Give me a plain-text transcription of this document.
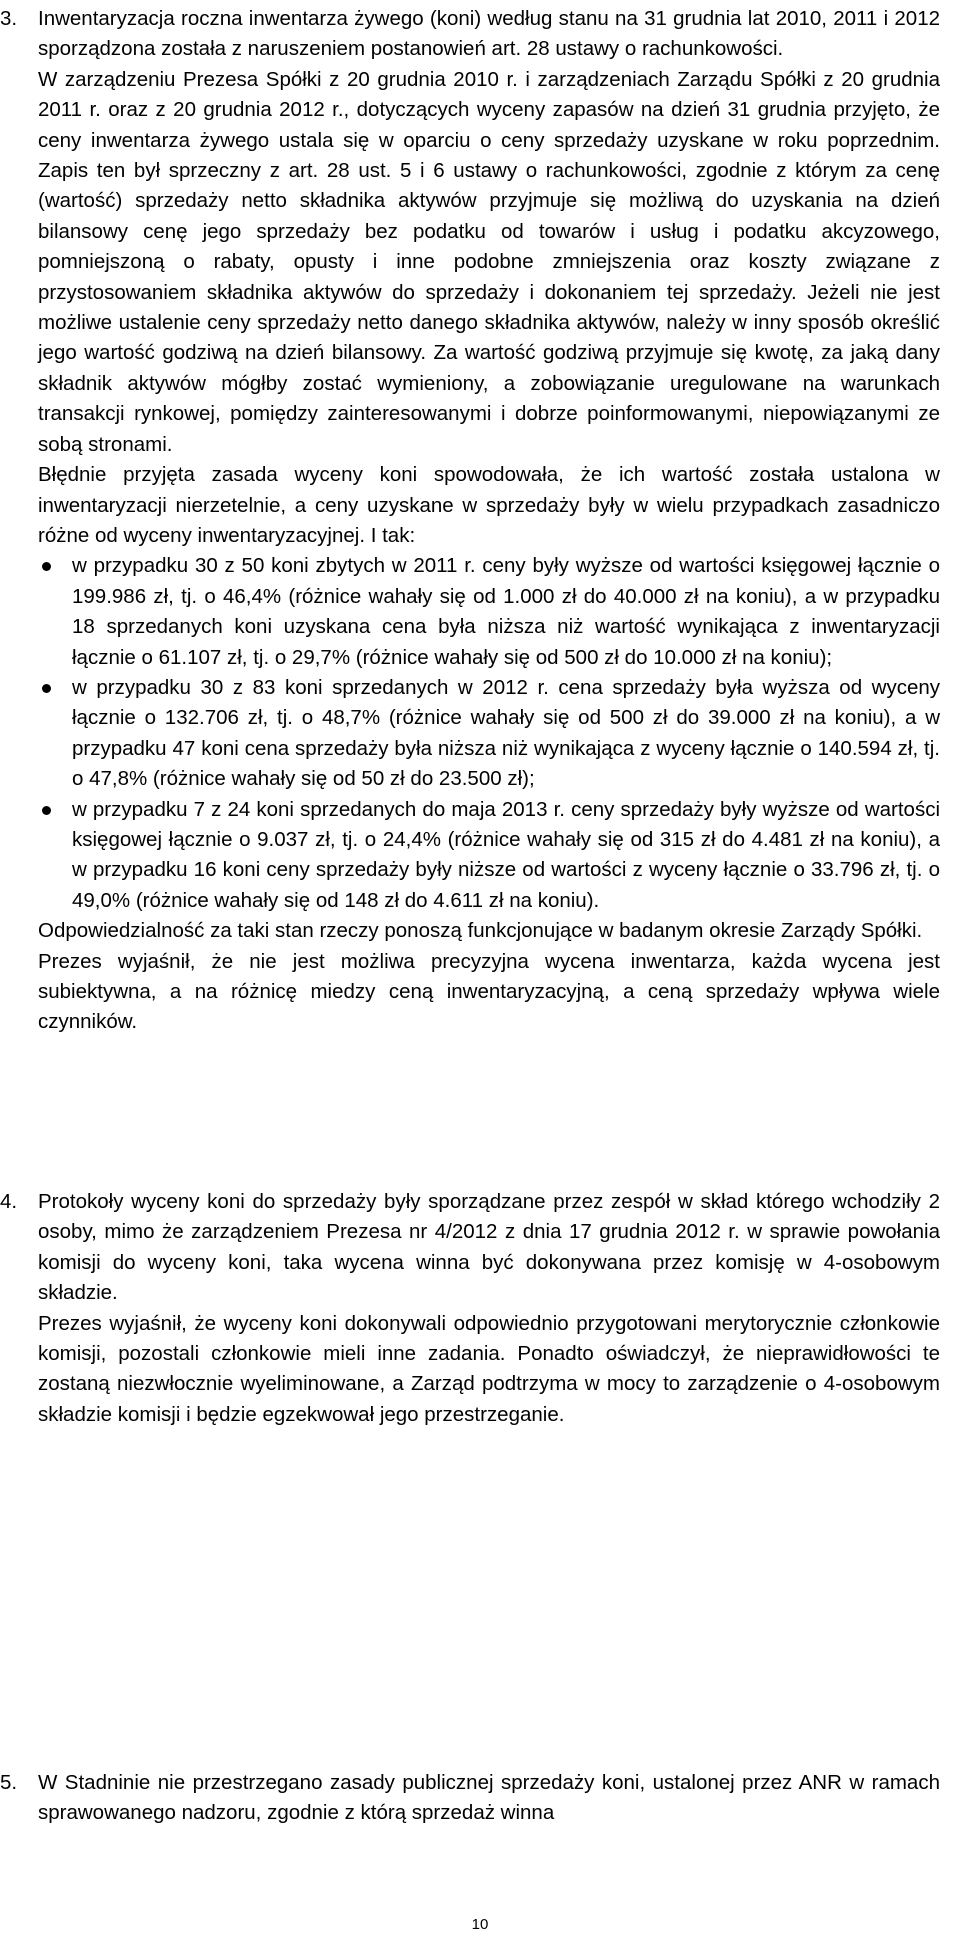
3. Inwentaryzacja roczna inwentarza żywego (koni) według stanu na 31 grudnia lat 2010, 2011 i 2012 sporządzona została z naruszeniem postanowień art. 28 ustawy o rachunkowości.

W zarządzeniu Prezesa Spółki z 20 grudnia 2010 r. i zarządzeniach Zarządu Spółki z 20 grudnia 2011 r. oraz z 20 grudnia 2012 r., dotyczących wyceny zapasów na dzień 31 grudnia przyjęto, że ceny inwentarza żywego ustala się w oparciu o ceny sprzedaży uzyskane w roku poprzednim. Zapis ten był sprzeczny z art. 28 ust. 5 i 6 ustawy o rachunkowości, zgodnie z którym za cenę (wartość) sprzedaży netto składnika aktywów przyjmuje się możliwą do uzyskania na dzień bilansowy cenę jego sprzedaży bez podatku od towarów i usług i podatku akcyzowego, pomniejszoną o rabaty, opusty i inne podobne zmniejszenia oraz koszty związane z przystosowaniem składnika aktywów do sprzedaży i dokonaniem tej sprzedaży. Jeżeli nie jest możliwe ustalenie ceny sprzedaży netto danego składnika aktywów, należy w inny sposób określić jego wartość godziwą na dzień bilansowy. Za wartość godziwą przyjmuje się kwotę, za jaką dany składnik aktywów mógłby zostać wymieniony, a zobowiązanie uregulowane na warunkach transakcji rynkowej, pomiędzy zainteresowanymi i dobrze poinformowanymi, niepowiązanymi ze sobą stronami.

Błędnie przyjęta zasada wyceny koni spowodowała, że ich wartość została ustalona w inwentaryzacji nierzetelnie, a ceny uzyskane w sprzedaży były w wielu przypadkach zasadniczo różne od wyceny inwentaryzacyjnej. I tak:

w przypadku 30 z 50 koni zbytych w 2011 r. ceny były wyższe od wartości księgowej łącznie o 199.986 zł, tj. o 46,4% (różnice wahały się od 1.000 zł do 40.000 zł na koniu), a w przypadku 18 sprzedanych koni uzyskana cena była niższa niż wartość wynikająca z inwentaryzacji łącznie o 61.107 zł, tj. o 29,7% (różnice wahały się od 500 zł do 10.000 zł na koniu);
w przypadku 30 z 83 koni sprzedanych w 2012 r. cena sprzedaży była wyższa od wyceny łącznie o 132.706 zł, tj. o 48,7% (różnice wahały się od 500 zł do 39.000 zł na koniu), a w przypadku 47 koni cena sprzedaży była niższa niż wynikająca z wyceny łącznie o 140.594 zł, tj. o 47,8% (różnice wahały się od 50 zł do 23.500 zł);
w przypadku 7 z 24 koni sprzedanych do maja 2013 r. ceny sprzedaży były wyższe od wartości księgowej łącznie o 9.037 zł, tj. o 24,4% (różnice wahały się od 315 zł do 4.481 zł na koniu), a w przypadku 16 koni ceny sprzedaży były niższe od wartości z wyceny łącznie o 33.796 zł, tj. o 49,0% (różnice wahały się od 148 zł do 4.611 zł na koniu).

Odpowiedzialność za taki stan rzeczy ponoszą funkcjonujące w badanym okresie Zarządy Spółki.

Prezes wyjaśnił, że nie jest możliwa precyzyjna wycena inwentarza, każda wycena jest subiektywna, a na różnicę miedzy ceną inwentaryzacyjną, a ceną sprzedaży wpływa wiele czynników.

4. Protokoły wyceny koni do sprzedaży były sporządzane przez zespół w skład którego wchodziły 2 osoby, mimo że zarządzeniem Prezesa nr 4/2012 z dnia 17 grudnia 2012 r. w sprawie powołania komisji do wyceny koni, taka wycena winna być dokonywana przez komisję w 4-osobowym składzie.

Prezes wyjaśnił, że wyceny koni dokonywali odpowiednio przygotowani merytorycznie członkowie komisji, pozostali członkowie mieli inne zadania. Ponadto oświadczył, że nieprawidłowości te zostaną niezwłocznie wyeliminowane, a Zarząd podtrzyma w mocy to zarządzenie o 4-osobowym składzie komisji i będzie egzekwował jego przestrzeganie.

5. W Stadninie nie przestrzegano zasady publicznej sprzedaży koni, ustalonej przez ANR w ramach sprawowanego nadzoru, zgodnie z którą sprzedaż winna

10
